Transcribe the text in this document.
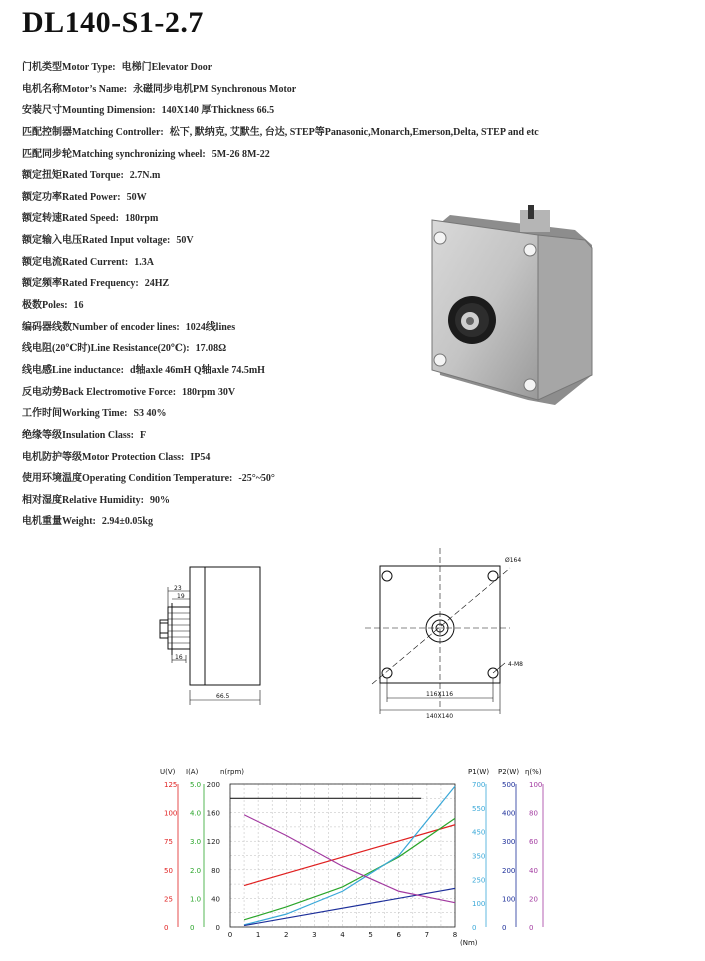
DL140-S1-2.7
门机类型Motor Type: 电梯门Elevator Door
电机名称Motor’s Name: 永磁同步电机PM Synchronous Motor
安装尺寸Mounting Dimension: 140X140 厚Thickness 66.5
匹配控制器Matching Controller: 松下, 默纳克, 艾默生, 台达, STEP等Panasonic,Monarch,Emerson,Delta, STEP and etc
匹配同步轮Matching synchronizing wheel: 5M-26 8M-22
额定扭矩Rated Torque: 2.7N.m
额定功率Rated Power: 50W
额定转速Rated Speed: 180rpm
额定输入电压Rated Input voltage: 50V
额定电流Rated Current: 1.3A
额定频率Rated Frequency: 24HZ
极数Poles: 16
编码器线数Number of encoder lines: 1024线lines
线电阻(20℃时)Line Resistance(20℃): 17.08Ω
线电感Line inductance: d轴axle 46mH Q轴axle 74.5mH
反电动势Back Electromotive Force: 180rpm 30V
工作时间Working Time: S3 40%
绝缘等级Insulation Class: F
电机防护等级Motor Protection Class: IP54
使用环境温度Operating Condition Temperature: -25°~50°
相对湿度Relative Humidity: 90%
电机重量Weight: 2.94±0.05kg
23
19
16
66.5
Ø164
4-M8
116X116
140X140
0	1	2	3	4	5	6	7	8
(Nm)
U(V)
0
25
50
75
100
125
I(A)
0
1.0
2.0
3.0
4.0
5.0
n(rpm)
0
40
80
120
160
200
P1(W)
0
100
250
350
450
550
700
P2(W)
0
100
200
300
400
500
η(%)
0
20
40
60
80
100
